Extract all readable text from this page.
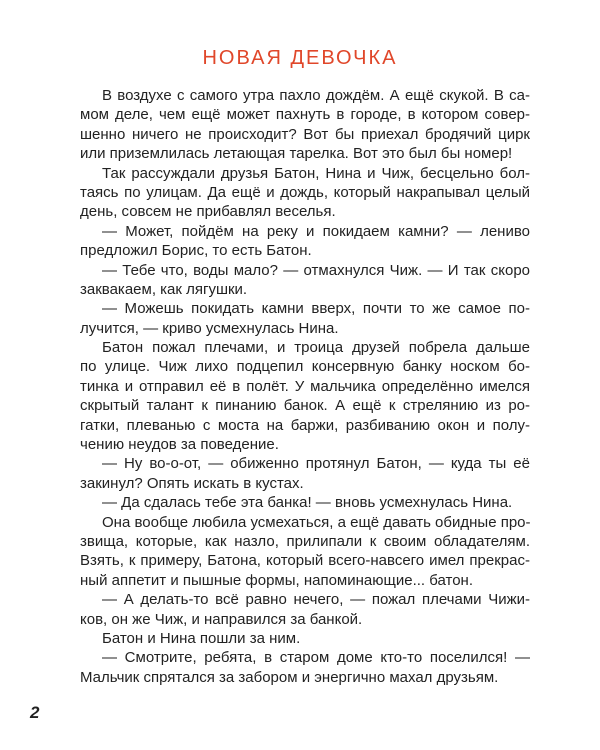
НОВАЯ ДЕВОЧКА
В воздухе с самого утра пахло дождём. А ещё скукой. В са-
мом деле, чем ещё может пахнуть в городе, в котором совер-
шенно ничего не происходит? Вот бы приехал бродячий цирк
или приземлилась летающая тарелка. Вот это был бы номер!
Так рассуждали друзья Батон, Нина и Чиж, бесцельно бол-
таясь по улицам. Да ещё и дождь, который накрапывал целый
день, совсем не прибавлял веселья.
— Может, пойдём на реку и покидаем камни? — лениво
предложил Борис, то есть Батон.
— Тебе что, воды мало? — отмахнулся Чиж. — И так скоро
заквакаем, как лягушки.
— Можешь покидать камни вверх, почти то же самое по-
лучится, — криво усмехнулась Нина.
Батон пожал плечами, и троица друзей побрела дальше
по улице. Чиж лихо подцепил консервную банку носком бо-
тинка и отправил её в полёт. У мальчика определённо имелся
скрытый талант к пинанию банок. А ещё к стрелянию из ро-
гатки, плеванью с моста на баржи, разбиванию окон и полу-
чению неудов за поведение.
— Ну во-о-от, — обиженно протянул Батон, — куда ты её
закинул? Опять искать в кустах.
— Да сдалась тебе эта банка! — вновь усмехнулась Нина.
Она вообще любила усмехаться, а ещё давать обидные про-
звища, которые, как назло, прилипали к своим обладателям.
Взять, к примеру, Батона, который всего-навсего имел прекрас-
ный аппетит и пышные формы, напоминающие... батон.
— А делать-то всё равно нечего, — пожал плечами Чижи-
ков, он же Чиж, и направился за банкой.
Батон и Нина пошли за ним.
— Смотрите, ребята, в старом доме кто-то поселился! —
Мальчик спрятался за забором и энергично махал друзьям.
2
